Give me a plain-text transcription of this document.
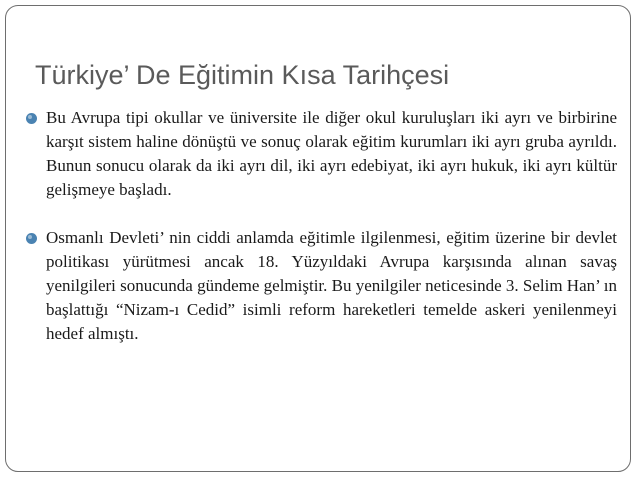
Türkiye’ De Eğitimin Kısa Tarihçesi
Bu Avrupa tipi okullar ve üniversite ile diğer okul kuruluşları iki ayrı ve birbirine karşıt sistem haline dönüştü ve sonuç olarak eğitim kurumları iki ayrı gruba ayrıldı. Bunun sonucu olarak da iki ayrı dil, iki ayrı edebiyat, iki ayrı hukuk, iki ayrı kültür gelişmeye başladı.
Osmanlı Devleti’ nin ciddi anlamda eğitimle ilgilenmesi, eğitim üzerine bir devlet politikası yürütmesi ancak 18. Yüzyıldaki Avrupa karşısında alınan savaş yenilgileri sonucunda gündeme gelmiştir. Bu yenilgiler neticesinde 3. Selim Han’ ın başlattığı “Nizam-ı Cedid” isimli reform hareketleri temelde askeri yenilenmeyi hedef almıştı.
